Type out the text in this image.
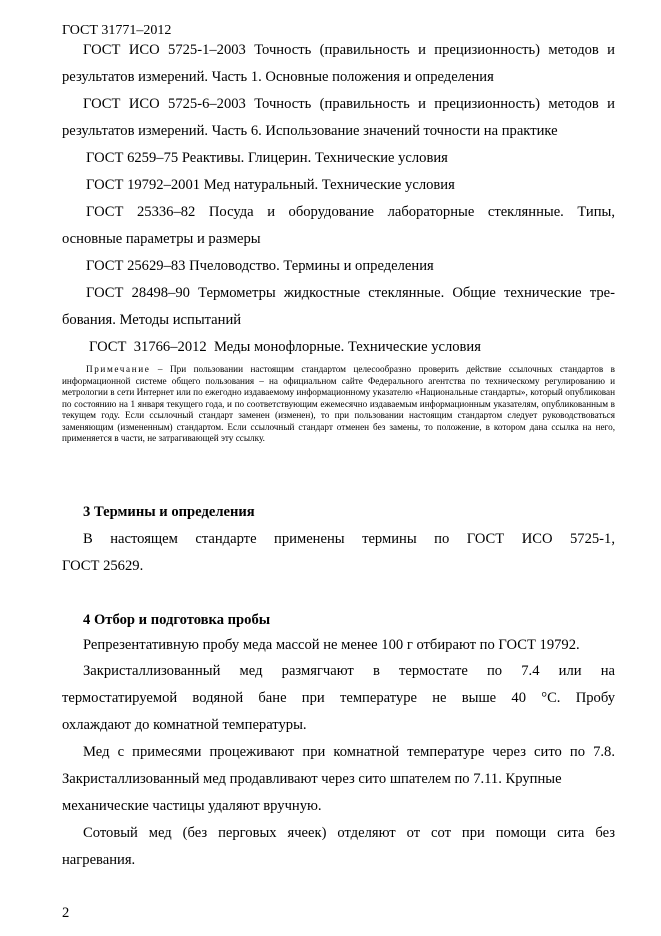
ГОСТ 31771–2012
ГОСТ ИСО 5725-1–2003 Точность (правильность и прецизионность) методов и
результатов измерений. Часть 1. Основные положения и определения
ГОСТ ИСО 5725-6–2003 Точность (правильность и прецизионность) методов и
результатов измерений. Часть 6. Использование значений точности на практике
ГОСТ 6259–75 Реактивы. Глицерин. Технические условия
ГОСТ 19792–2001 Мед натуральный. Технические условия
ГОСТ 25336–82 Посуда и оборудование лабораторные стеклянные. Типы,
основные параметры и размеры
ГОСТ 25629–83 Пчеловодство. Термины и определения
ГОСТ 28498–90 Термометры жидкостные стеклянные. Общие технические тре-
бования. Методы испытаний
ГОСТ  31766–2012  Меды монофлорные. Технические условия
Примечание – При пользовании настоящим стандартом целесообразно проверить действие ссылочных стандартов в информационной системе общего пользования – на официальном сайте Федерального агентства по техническому регулированию и метрологии в сети Интернет или по ежегодно издаваемому информационному указателю «Национальные стандарты», который опубликован по состоянию на 1 января текущего года, и по соответствующим ежемесячно издаваемым информационным указателям, опубликованным в текущем году. Если ссылочный стандарт заменен (изменен), то при пользовании настоящим стандартом следует руководствоваться заменяющим (измененным) стандартом. Если ссылочный стандарт отменен без замены, то положение, в котором дана ссылка на него, применяется в части, не затрагивающей эту ссылку.
3 Термины и определения
В настоящем стандарте применены термины по ГОСТ ИСО 5725-1,
ГОСТ 25629.
4 Отбор и подготовка пробы
Репрезентативную пробу меда массой не менее 100 г отбирают по ГОСТ 19792.
Закристаллизованный мед размягчают в термостате по 7.4 или на
термостатируемой водяной бане при температуре не выше 40 °С. Пробу
охлаждают до комнатной температуры.
Мед с примесями процеживают при комнатной температуре через сито по 7.8.
Закристаллизованный мед продавливают через сито шпателем по 7.11. Крупные
механические частицы удаляют вручную.
Сотовый мед (без перговых ячеек) отделяют от сот при помощи сита без
нагревания.
2
